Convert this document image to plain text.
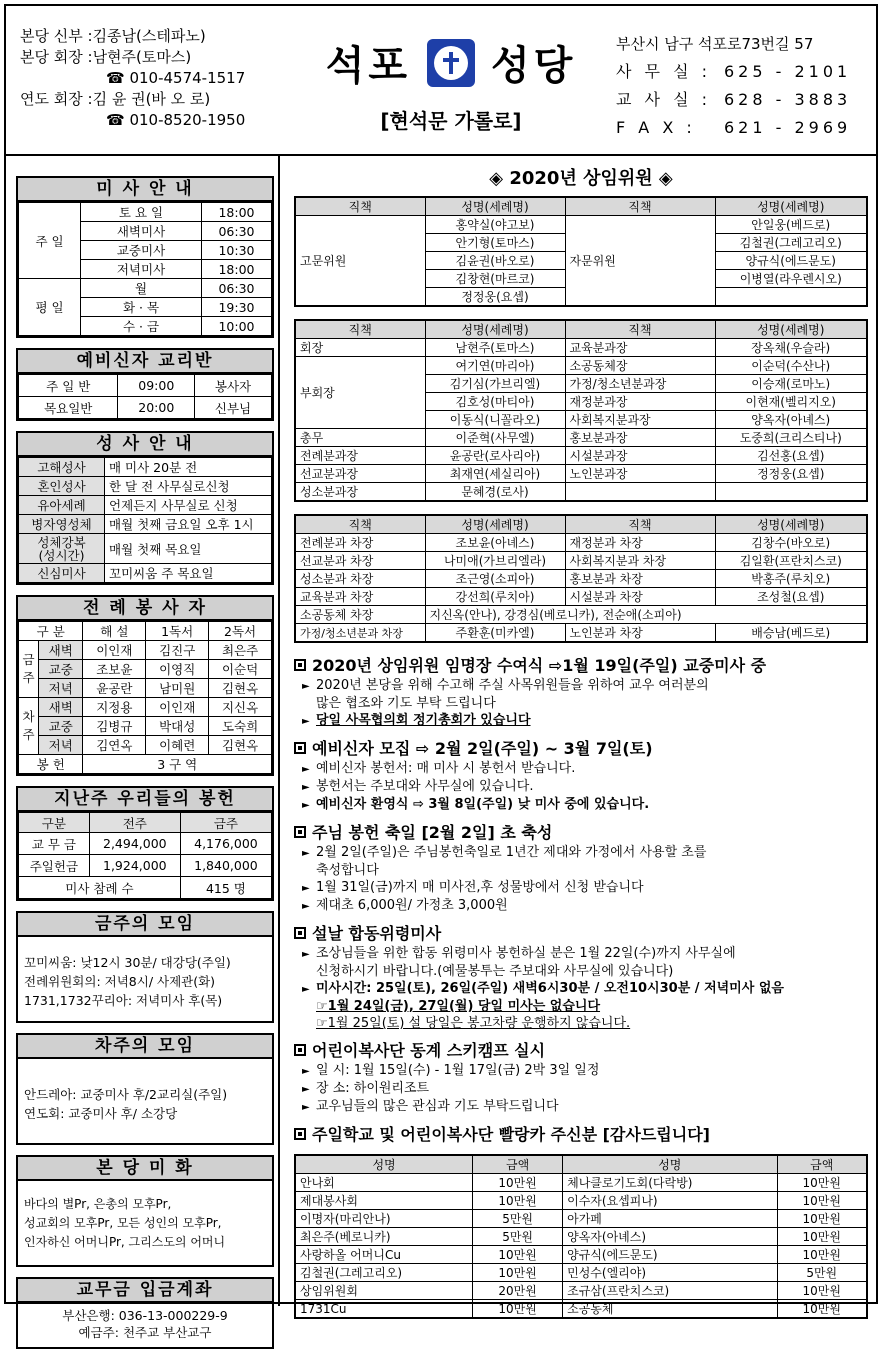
본당 신부 :김종남(스테파노)
본당 회장 :남현주(토마스)
☎ 010-4574-1517
연도 회장 :김 윤 권(바 오 로)
☎ 010-8520-1950
석포 성당
[현석문 가롤로]
부산시 남구 석포로73번길 57
사 무 실 : 625 - 2101
교 사 실 : 628 - 3883
F A X :	621 - 2969
미 사 안 내
주 일	토 요 일	18:00
	새벽미사	06:30
	교중미사	10:30
	저녁미사	18:00
평 일	월	06:30
	화 · 목	19:30
	수 · 금	10:00
예비신자 교리반
주 일 반	09:00	봉사자
목요일반	20:00	신부님
성 사 안 내
고해성사	매 미사 20분 전
혼인성사	한 달 전 사무실로신청
유아세례	언제든지 사무실로 신청
병자영성체	매월 첫째 금요일 오후 1시
성체강복
(성시간)	매월 첫째 목요일
신심미사	꼬미씨움 주 목요일
전 례 봉 사 자
구 분		해 설	1독서	2독서
금
주	새벽	이인재	김진구	최은주
	교중	조보윤	이영직	이순덕
	저녁	윤공란	남미원	김현옥
차
주	새벽	지정용	이인재	지신옥
	교중	김병규	박대성	도숙희
	저녁	김연옥	이혜련	김현옥
봉 헌		3 구 역		
지난주 우리들의 봉헌
구분	전주	금주
교 무 금	2,494,000	4,176,000
주일헌금	1,924,000	1,840,000
미사 참례 수		415 명
금주의 모임
꼬미씨움: 낮12시 30분/ 대강당(주일)
전례위원회의: 저녁8시/ 사제관(화)
1731,1732꾸리아: 저녁미사 후(목)
차주의 모임
안드레아: 교중미사 후/2교리실(주일)
연도회: 교중미사 후/ 소강당
본 당 미 화
바다의 별Pr, 은총의 모후Pr,
성교회의 모후Pr, 모든 성인의 모후Pr,
인자하신 어머니Pr, 그리스도의 어머니
교무금 입금계좌
부산은행: 036-13-000229-9
예금주: 천주교 부산교구
◈ 2020년 상임위원 ◈
직책	성명(세례명)	직책	성명(세례명)
고문위원	홍약실(야고보)	자문위원	안일웅(베드로)
	안기형(토마스)		김철권(그레고리오)
	김윤권(바오로)		양규식(에드문도)
	김창현(마르코)		이병열(라우렌시오)
	정정웅(요셉)		
직책	성명(세례명)	직책	성명(세례명)
회장	남현주(토마스)	교육분과장	장옥채(우슬라)
부회장	여기연(마리아)	소공동체장	이순덕(수산나)
	김기심(가브리엘)	가정/청소년분과장	이승재(로마노)
	김호성(마티아)	재정분과장	이현재(벨리지오)
	이동식(니꼴라오)	사회복지분과장	양옥자(아녜스)
총무	이준혁(사무엘)	홍보분과장	도중희(크리스티나)
전례분과장	윤공란(로사리아)	시설분과장	김선홍(요셉)
선교분과장	최재연(세실리아)	노인분과장	정정웅(요셉)
성소분과장	문혜경(로사)		
직책	성명(세례명)	직책	성명(세례명)
전례분과 차장	조보윤(아녜스)	재정분과 차장	김창수(바오로)
선교분과 차장	나미애(가브리엘라)	사회복지분과 차장	김일환(프란치스코)
성소분과 차장	조근영(소피아)	홍보분과 차장	박홍주(루치오)
교육분과 차장	강선희(루치아)	시설분과 차장	조성철(요셉)
소공동체 차장	지신옥(안나), 강경심(베로니카), 전순애(소피아)		
가정/청소년분과 차장	주환훈(미카엘)	노인분과 차장	배승남(베드로)
2020년 상임위원 임명장 수여식 ⇨1월 19일(주일) 교중미사 중
► 2020년 본당을 위해 수고해 주실 사목위원들을 위하여 교우 여러분의
많은 협조와 기도 부탁 드립니다
► 당일 사목협의회 정기총회가 있습니다
예비신자 모집 ⇨ 2월 2일(주일) ~ 3월 7일(토)
► 예비신자 봉헌서: 매 미사 시 봉헌서 받습니다.
► 봉헌서는 주보대와 사무실에 있습니다.
► 예비신자 환영식 ⇨ 3월 8일(주일) 낮 미사 중에 있습니다.
주님 봉헌 축일 [2월 2일] 초 축성
► 2월 2일(주일)은 주님봉헌축일로 1년간 제대와 가정에서 사용할 초를
축성합니다
► 1월 31일(금)까지 매 미사전,후 성물방에서 신청 받습니다
► 제대초 6,000원/ 가정초 3,000원
설날 합동위령미사
► 조상님들을 위한 합동 위령미사 봉헌하실 분은 1월 22일(수)까지 사무실에
신청하시기 바랍니다.(예물봉투는 주보대와 사무실에 있습니다)
► 미사시간: 25일(토), 26일(주일) 새벽6시30분 / 오전10시30분 / 저녁미사 없음
☞1월 24일(금), 27일(월) 당일 미사는 없습니다
☞1월 25일(토) 설 당일은 봉고차량 운행하지 않습니다.
어린이복사단 동계 스키캠프 실시
► 일 시: 1월 15일(수) - 1월 17일(금) 2박 3일 일정
► 장 소: 하이원리조트
► 교우님들의 많은 관심과 기도 부탁드립니다
주일학교 및 어린이복사단 빨랑카 주신분 [감사드립니다]
성명	금액	성명	금액
안나회	10만원	체나클로기도회(다락방)	10만원
제대봉사회	10만원	이수자(요셉피나)	10만원
이명자(마리안나)	5만원	아가페	10만원
최은주(베로니카)	5만원	양옥자(아녜스)	10만원
사랑하올 어머니Cu	10만원	양규식(에드문도)	10만원
김철권(그레고리오)	10만원	민성수(엘리야)	5만원
상임위원회	20만원	조규삼(프란치스코)	10만원
1731Cu	10만원	소공동체	10만원
